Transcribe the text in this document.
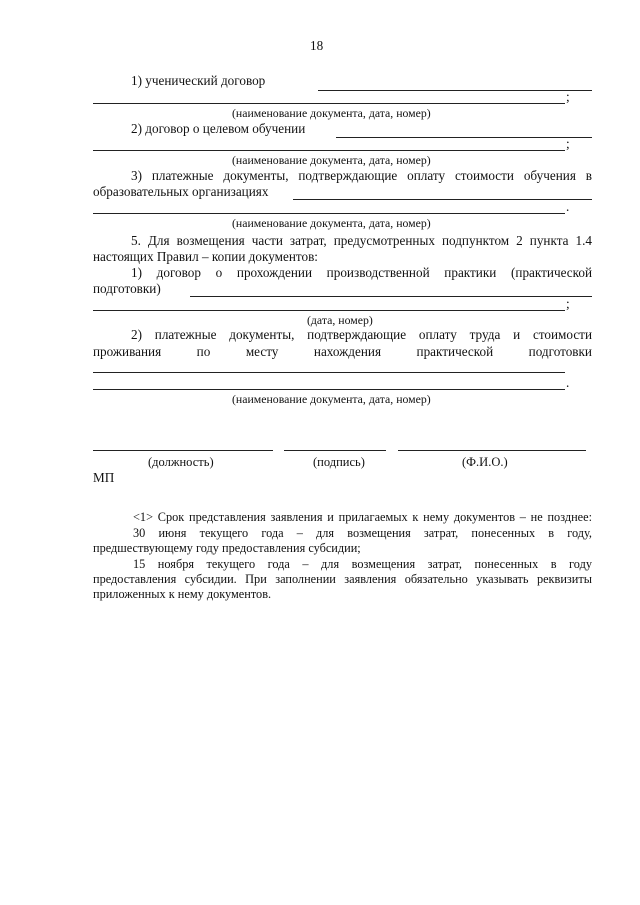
18
1) ученический договор
;
(наименование документа, дата, номер)
2) договор о целевом обучении
;
(наименование документа, дата, номер)
3) платежные документы, подтверждающие оплату стоимости обучения в
образовательных организациях
.
(наименование документа, дата, номер)
5. Для возмещения части затрат, предусмотренных подпунктом 2 пункта 1.4
настоящих Правил – копии документов:
1) договор о прохождении производственной практики (практической
подготовки)
;
(дата, номер)
2) платежные документы, подтверждающие оплату труда и стоимости
проживания по месту нахождения практической подготовки
.
(наименование документа, дата, номер)
(должность)	(подпись)	(Ф.И.О.)
МП
<1> Срок представления заявления и прилагаемых к нему документов – не позднее:
30 июня текущего года – для возмещения затрат, понесенных в году,
предшествующему году предоставления субсидии;
15 ноября текущего года – для возмещения затрат, понесенных в году
предоставления субсидии. При заполнении заявления обязательно указывать реквизиты
приложенных к нему документов.
